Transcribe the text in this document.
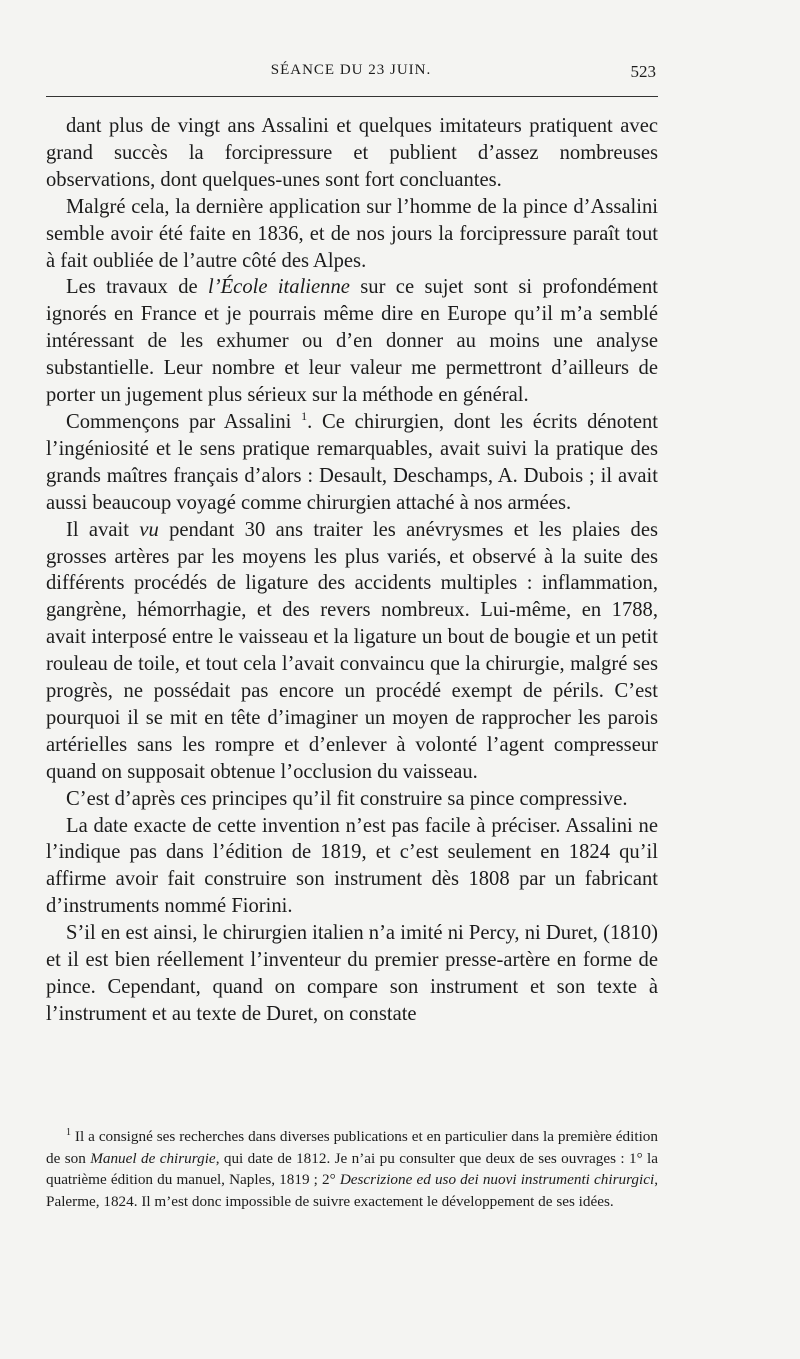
SÉANCE DU 23 JUIN.	523

dant plus de vingt ans Assalini et quelques imitateurs pratiquent avec grand succès la forcipressure et publient d’assez nombreuses observations, dont quelques-unes sont fort concluantes.

Malgré cela, la dernière application sur l’homme de la pince d’Assalini semble avoir été faite en 1836, et de nos jours la forcipressure paraît tout à fait oubliée de l’autre côté des Alpes.

Les travaux de l’École italienne sur ce sujet sont si profondément ignorés en France et je pourrais même dire en Europe qu’il m’a semblé intéressant de les exhumer ou d’en donner au moins une analyse substantielle. Leur nombre et leur valeur me permettront d’ailleurs de porter un jugement plus sérieux sur la méthode en général.

Commençons par Assalini $^1$. Ce chirurgien, dont les écrits dénotent l’ingéniosité et le sens pratique remarquables, avait suivi la pratique des grands maîtres français d’alors : Desault, Deschamps, A. Dubois ; il avait aussi beaucoup voyagé comme chirurgien attaché à nos armées.

Il avait vu pendant 30 ans traiter les anévrysmes et les plaies des grosses artères par les moyens les plus variés, et observé à la suite des différents procédés de ligature des accidents multiples : inflammation, gangrène, hémorrhagie, et des revers nombreux. Lui-même, en 1788, avait interposé entre le vaisseau et la ligature un bout de bougie et un petit rouleau de toile, et tout cela l’avait convaincu que la chirurgie, malgré ses progrès, ne possédait pas encore un procédé exempt de périls. C’est pourquoi il se mit en tête d’imaginer un moyen de rapprocher les parois artérielles sans les rompre et d’enlever à volonté l’agent compresseur quand on supposait obtenue l’occlusion du vaisseau.

C’est d’après ces principes qu’il fit construire sa pince compressive.

La date exacte de cette invention n’est pas facile à préciser. Assalini ne l’indique pas dans l’édition de 1819, et c’est seulement en 1824 qu’il affirme avoir fait construire son instrument dès 1808 par un fabricant d’instruments nommé Fiorini.

S’il en est ainsi, le chirurgien italien n’a imité ni Percy, ni Duret, (1810) et il est bien réellement l’inventeur du premier presse-artère en forme de pince. Cependant, quand on compare son instrument et son texte à l’instrument et au texte de Duret, on constate

$^1$ Il a consigné ses recherches dans diverses publications et en particulier dans la première édition de son Manuel de chirurgie, qui date de 1812. Je n’ai pu consulter que deux de ses ouvrages : 1° la quatrième édition du manuel, Naples, 1819 ; 2° Descrizione ed uso dei nuovi instrumenti chirurgici, Palerme, 1824. Il m’est donc impossible de suivre exactement le développement de ses idées.
